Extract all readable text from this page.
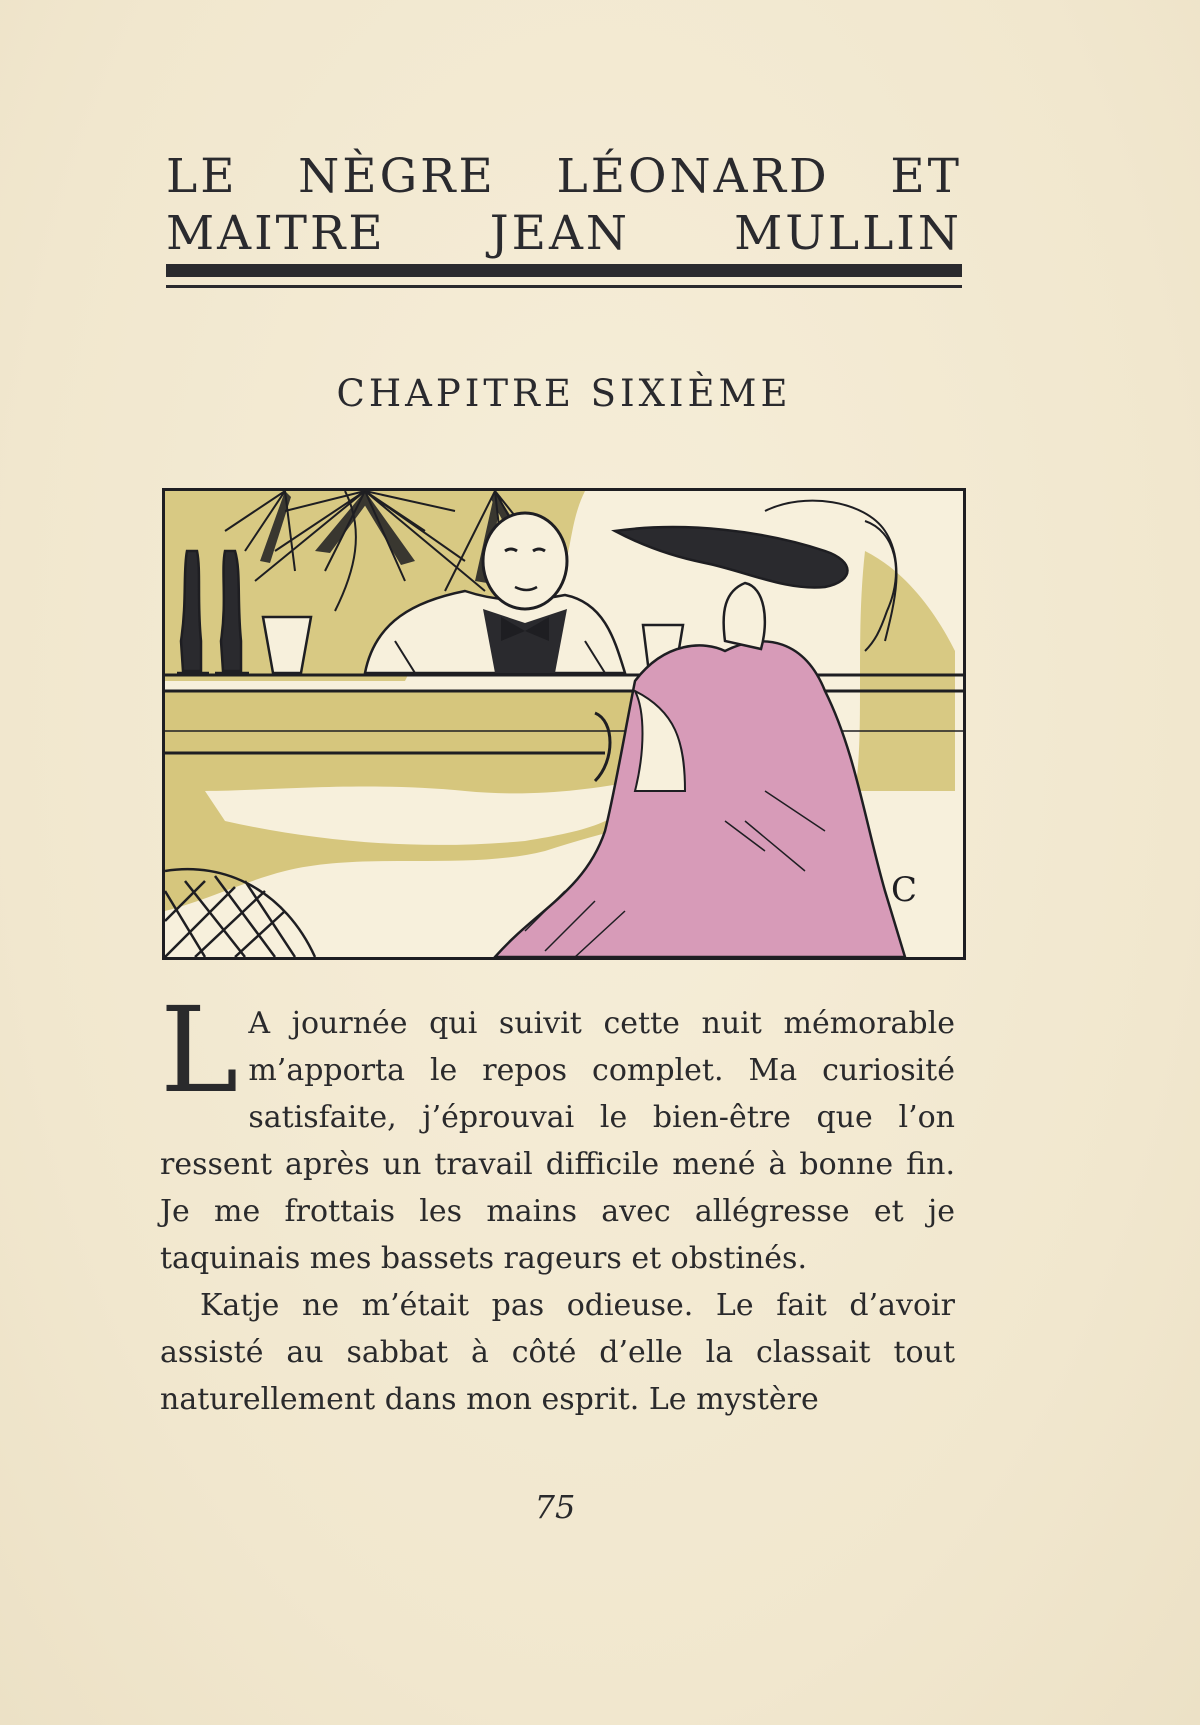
LE NÈGRE LÉONARD ET
MAITRE JEAN MULLIN
CHAPITRE SIXIÈME
C

L A journée qui suivit cette nuit mémorable m’apporta le repos complet. Ma curiosité satisfaite, j’éprouvai le bien-être que l’on ressent après un travail difficile mené à bonne fin. Je me frottais les mains avec allégresse et je taquinais mes bassets rageurs et obstinés.

Katje ne m’était pas odieuse. Le fait d’avoir assisté au sabbat à côté d’elle la classait tout naturellement dans mon esprit. Le mystère

75
